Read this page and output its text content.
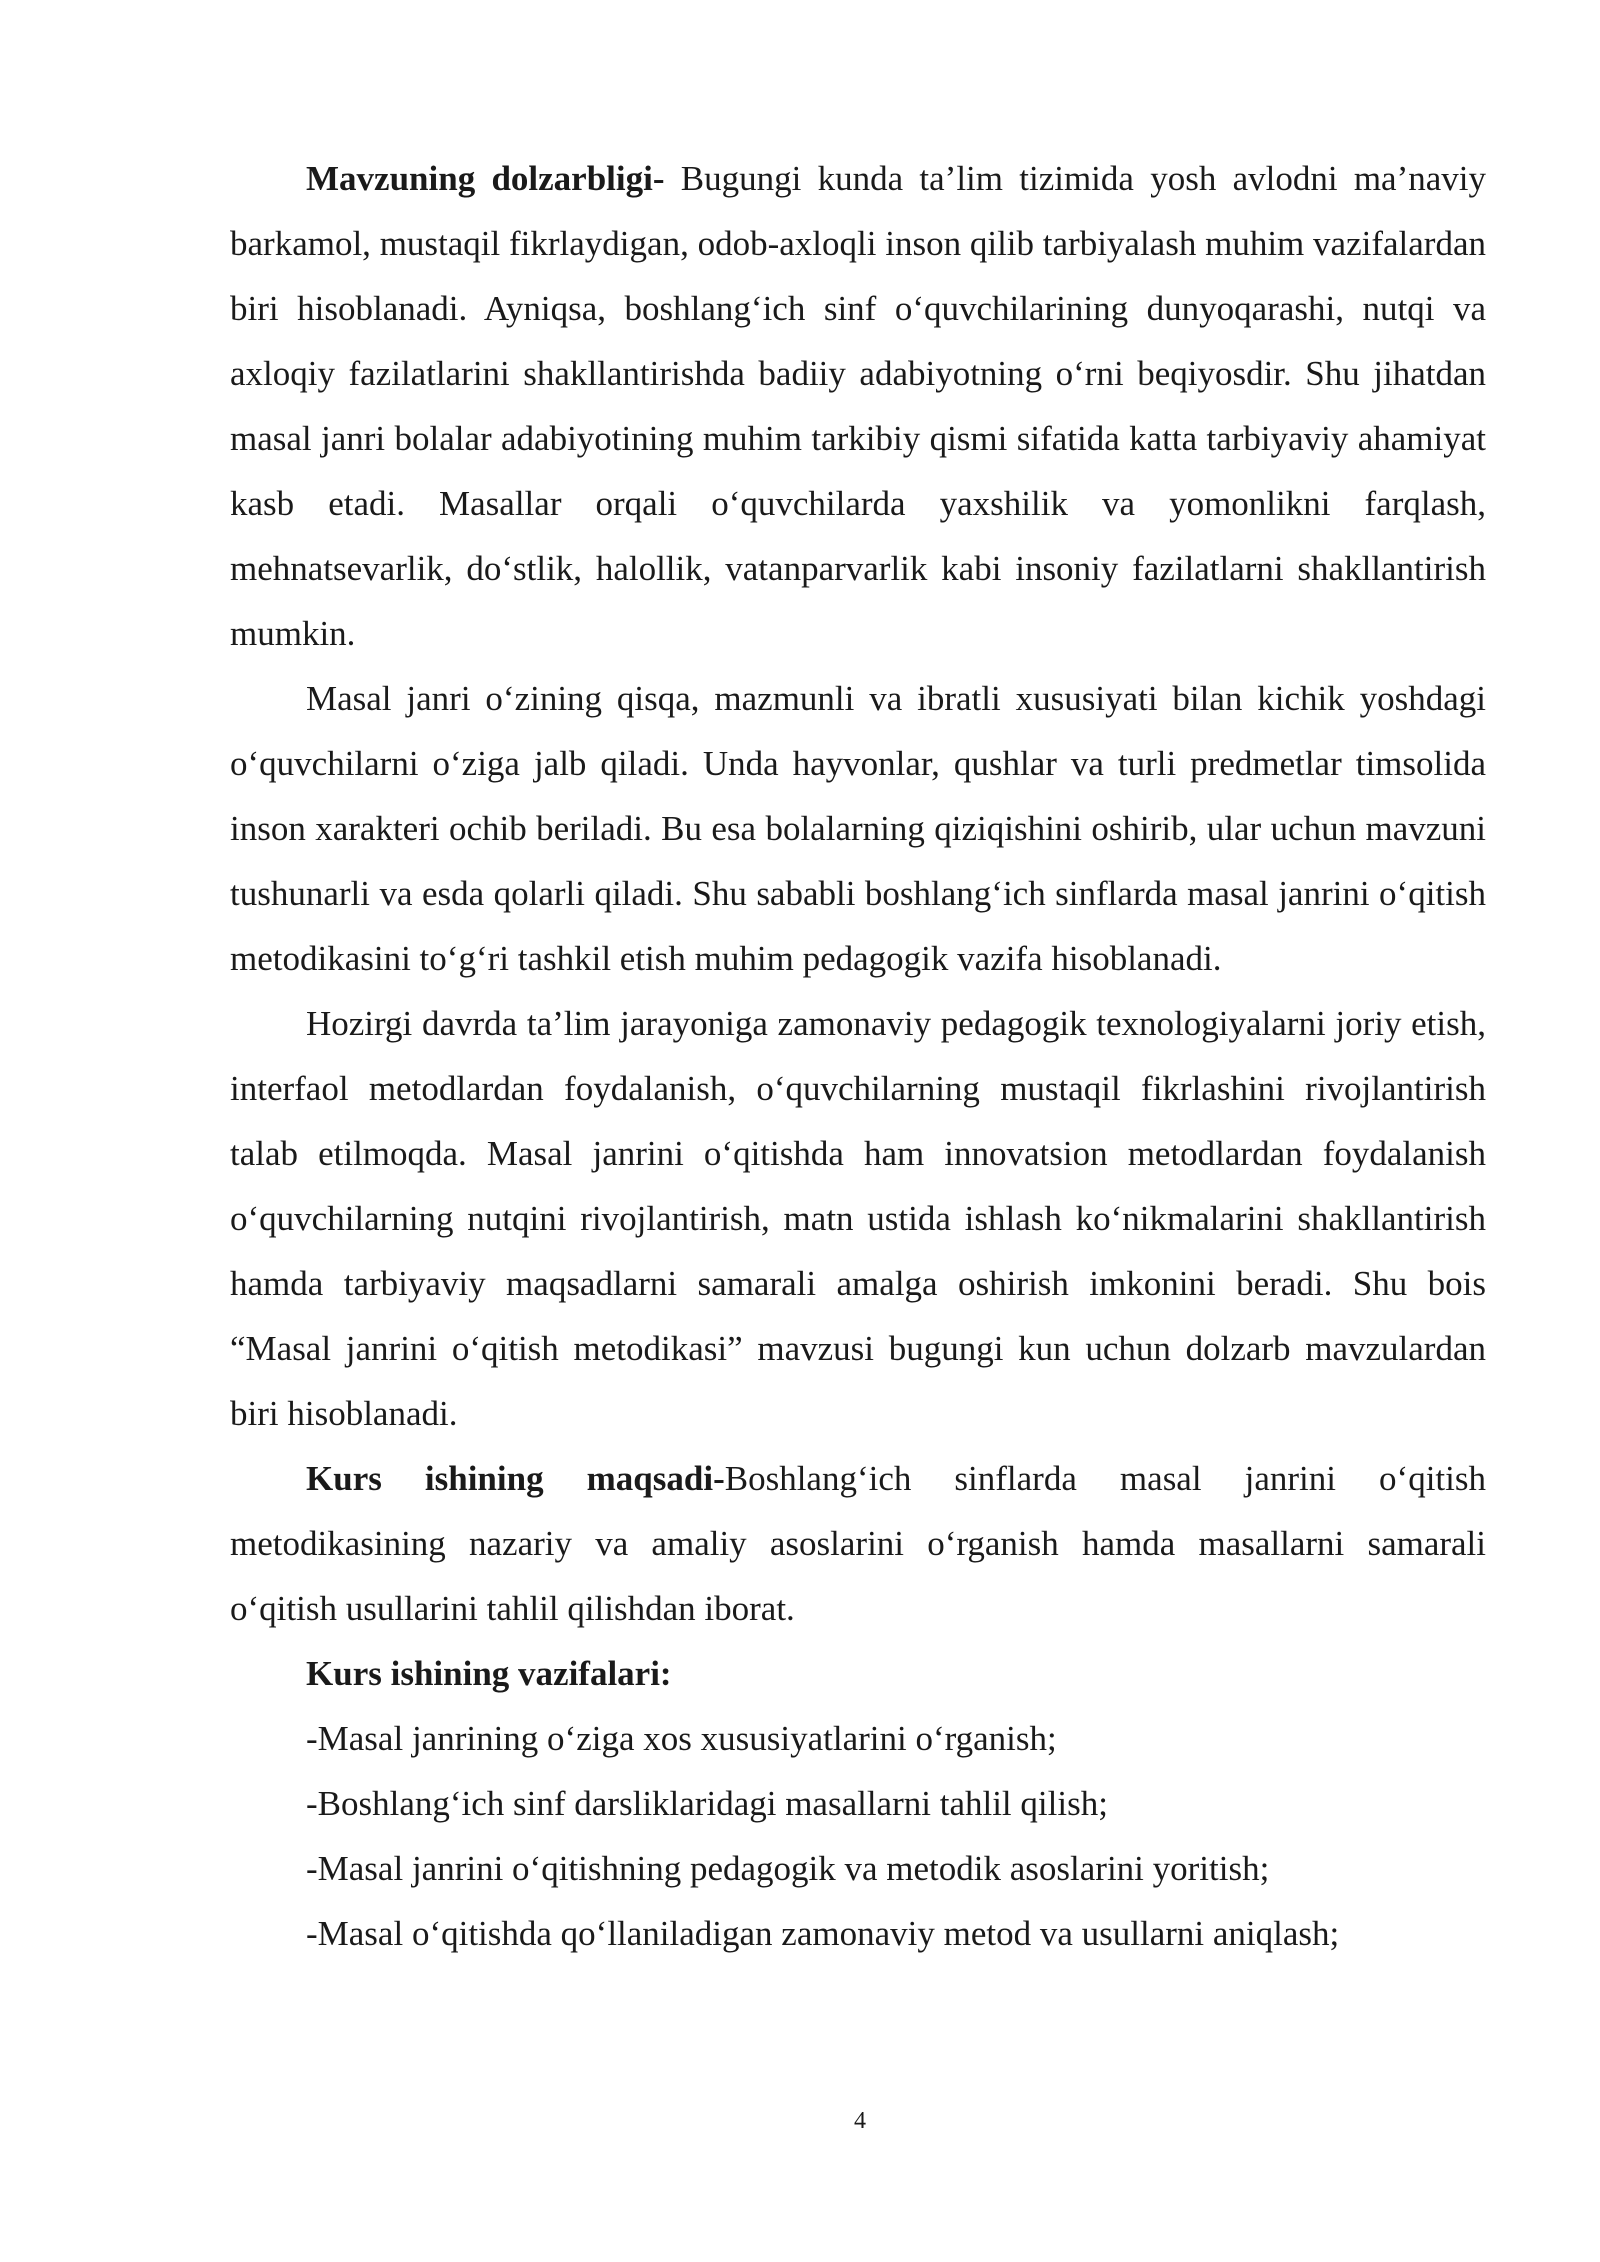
Mavzuning dolzarbligi- Bugungi kunda ta’lim tizimida yosh avlodni ma’naviy barkamol, mustaqil fikrlaydigan, odob-axloqli inson qilib tarbiyalash muhim vazifalardan biri hisoblanadi. Ayniqsa, boshlang‘ich sinf o‘quvchilarining dunyoqarashi, nutqi va axloqiy fazilatlarini shakllantirishda badiiy adabiyotning o‘rni beqiyosdir. Shu jihatdan masal janri bolalar adabiyotining muhim tarkibiy qismi sifatida katta tarbiyaviy ahamiyat kasb etadi. Masallar orqali o‘quvchilarda yaxshilik va yomonlikni farqlash, mehnatsevarlik, do‘stlik, halollik, vatanparvarlik kabi insoniy fazilatlarni shakllantirish mumkin.

Masal janri o‘zining qisqa, mazmunli va ibratli xususiyati bilan kichik yoshdagi o‘quvchilarni o‘ziga jalb qiladi. Unda hayvonlar, qushlar va turli predmetlar timsolida inson xarakteri ochib beriladi. Bu esa bolalarning qiziqishini oshirib, ular uchun mavzuni tushunarli va esda qolarli qiladi. Shu sababli boshlang‘ich sinflarda masal janrini o‘qitish metodikasini to‘g‘ri tashkil etish muhim pedagogik vazifa hisoblanadi.

Hozirgi davrda ta’lim jarayoniga zamonaviy pedagogik texnologiyalarni joriy etish, interfaol metodlardan foydalanish, o‘quvchilarning mustaqil fikrlashini rivojlantirish talab etilmoqda. Masal janrini o‘qitishda ham innovatsion metodlardan foydalanish o‘quvchilarning nutqini rivojlantirish, matn ustida ishlash ko‘nikmalarini shakllantirish hamda tarbiyaviy maqsadlarni samarali amalga oshirish imkonini beradi. Shu bois “Masal janrini o‘qitish metodikasi” mavzusi bugungi kun uchun dolzarb mavzulardan biri hisoblanadi.

Kurs ishining maqsadi-Boshlang‘ich sinflarda masal janrini o‘qitish metodikasining nazariy va amaliy asoslarini o‘rganish hamda masallarni samarali o‘qitish usullarini tahlil qilishdan iborat.

Kurs ishining vazifalari:

-Masal janrining o‘ziga xos xususiyatlarini o‘rganish;

-Boshlang‘ich sinf darsliklaridagi masallarni tahlil qilish;

-Masal janrini o‘qitishning pedagogik va metodik asoslarini yoritish;

-Masal o‘qitishda qo‘llaniladigan zamonaviy metod va usullarni aniqlash;

4
